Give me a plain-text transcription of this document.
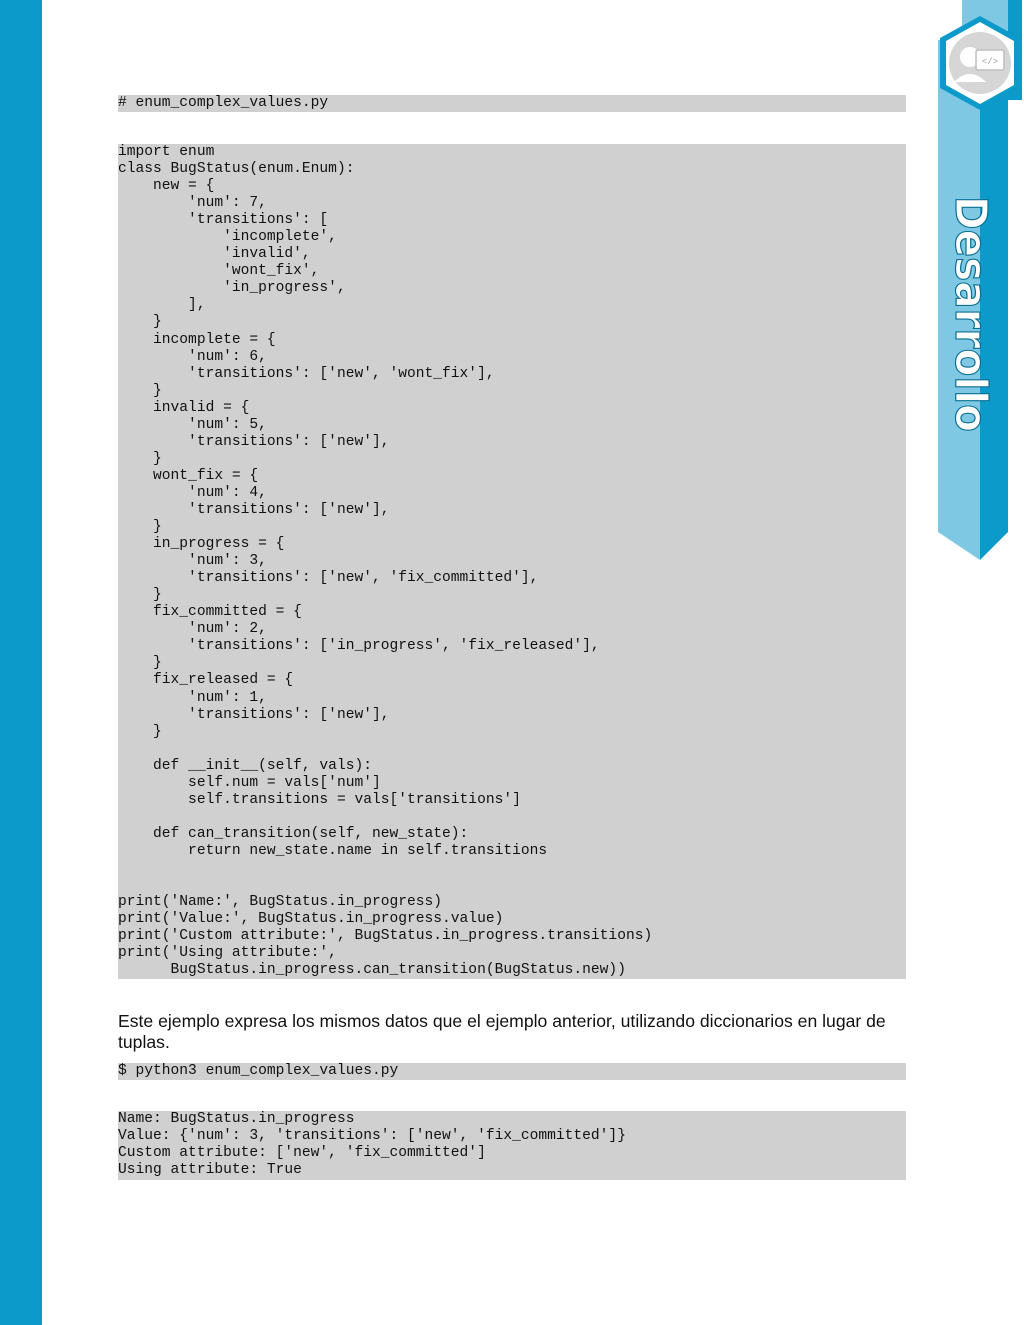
</>
Desarrollo
# enum_complex_values.py
import enum
class BugStatus(enum.Enum):
new = {
'num': 7,
'transitions': [
'incomplete',
'invalid',
'wont_fix',
'in_progress',
],
}
incomplete = {
'num': 6,
'transitions': ['new', 'wont_fix'],
}
invalid = {
'num': 5,
'transitions': ['new'],
}
wont_fix = {
'num': 4,
'transitions': ['new'],
}
in_progress = {
'num': 3,
'transitions': ['new', 'fix_committed'],
}
fix_committed = {
'num': 2,
'transitions': ['in_progress', 'fix_released'],
}
fix_released = {
'num': 1,
'transitions': ['new'],
}
def __init__(self, vals):
self.num = vals['num']
self.transitions = vals['transitions']
def can_transition(self, new_state):
return new_state.name in self.transitions
print('Name:', BugStatus.in_progress)
print('Value:', BugStatus.in_progress.value)
print('Custom attribute:', BugStatus.in_progress.transitions)
print('Using attribute:',
BugStatus.in_progress.can_transition(BugStatus.new))

Este ejemplo expresa los mismos datos que el ejemplo anterior, utilizando diccionarios en lugar de tuplas.

$ python3 enum_complex_values.py
Name: BugStatus.in_progress
Value: {'num': 3, 'transitions': ['new', 'fix_committed']}
Custom attribute: ['new', 'fix_committed']
Using attribute: True
